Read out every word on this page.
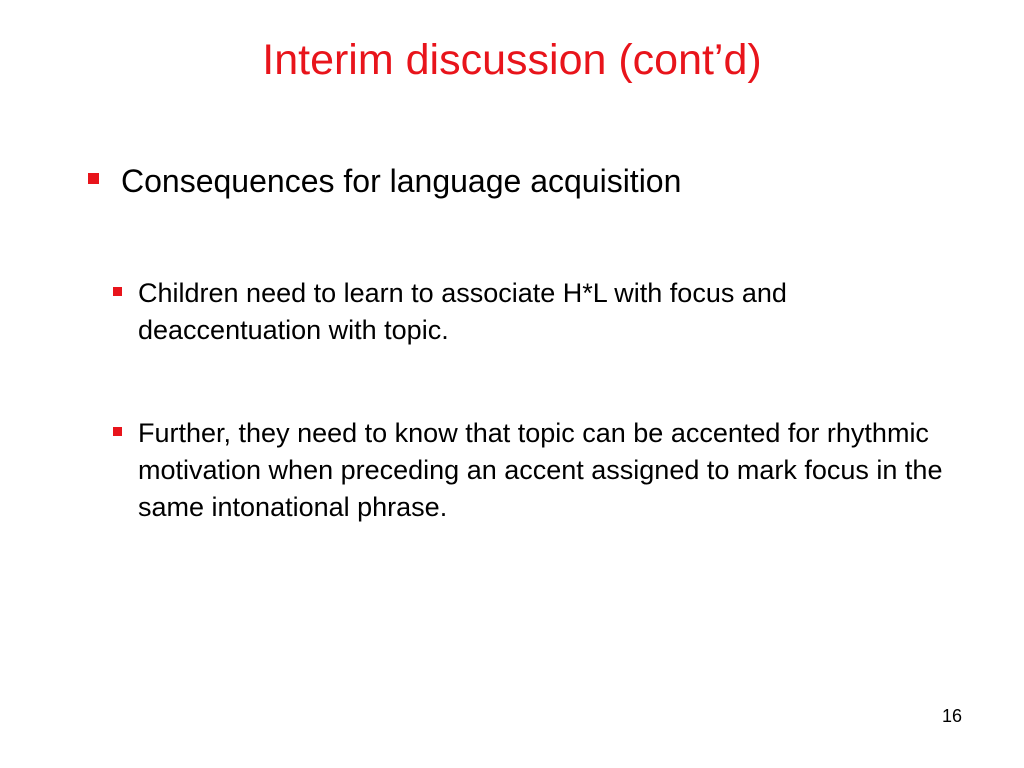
Interim discussion (cont’d)
Consequences for language acquisition
Children need to learn to associate H*L with focus and deaccentuation with topic.
Further, they need to know that topic can be accented for rhythmic motivation when preceding an accent assigned to mark focus in the same intonational phrase.
16
